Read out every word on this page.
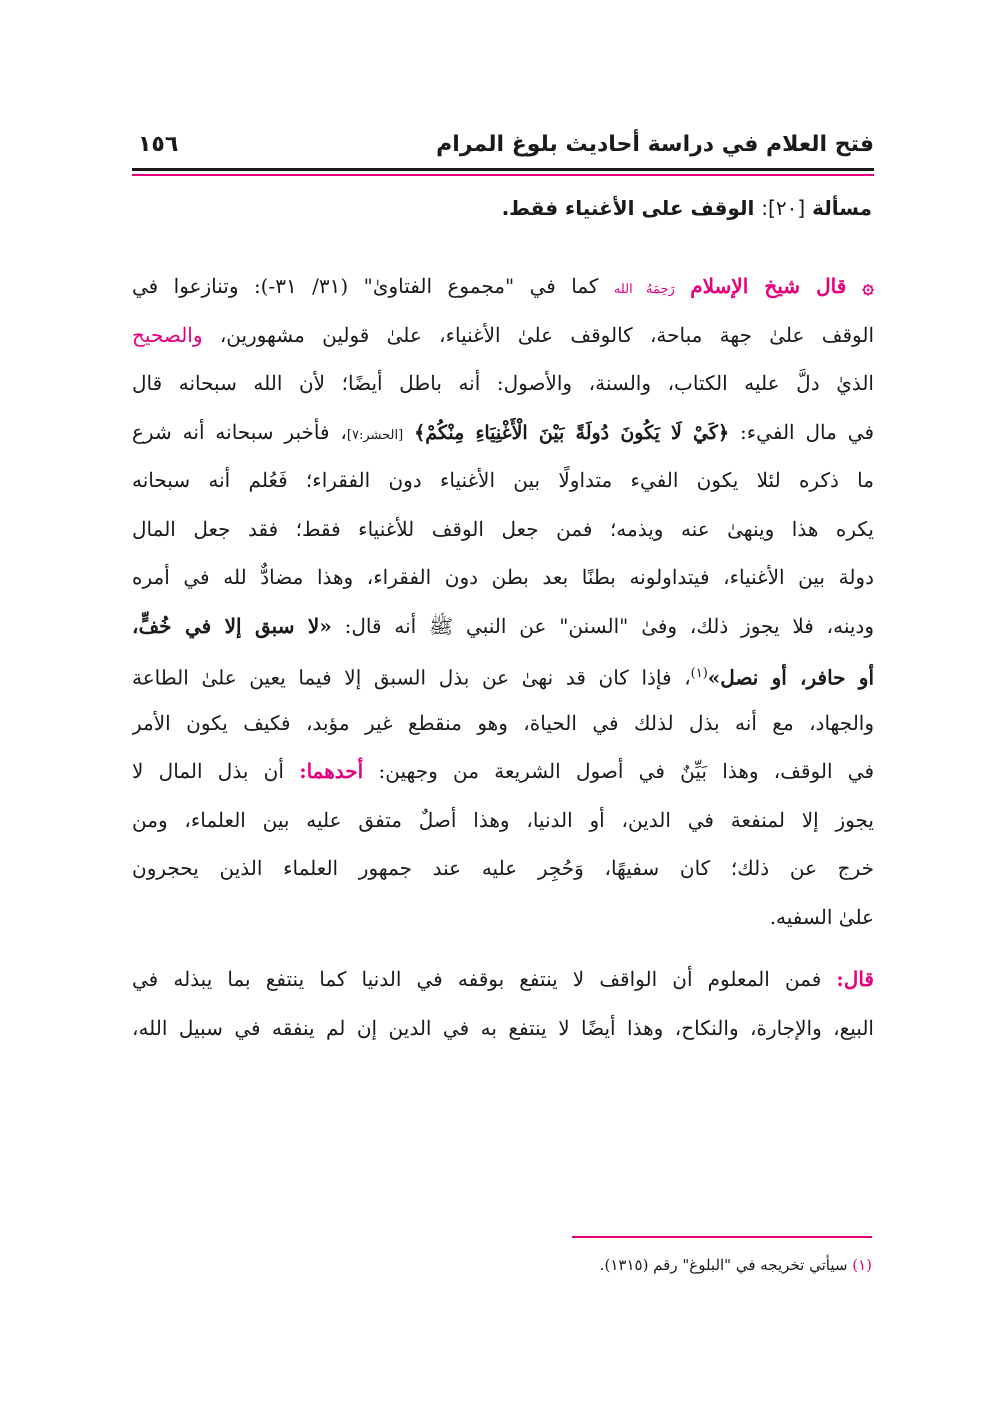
فتح العلام في دراسة أحاديث بلوغ المرام
١٥٦
مسألة [٢٠]: الوقف على الأغنياء فقط.
۞ قال شيخ الإسلام رَحِمَهُ الله كما في "مجموع الفتاوىٰ" (٣١/ ٣١-): وتنازعوا في
الوقف علىٰ جهة مباحة، كالوقف علىٰ الأغنياء، علىٰ قولين مشهورين، والصحيح
الذيٰ دلَّ عليه الكتاب، والسنة، والأصول: أنه باطل أيضًا؛ لأن الله سبحانه قال
في مال الفيء: ﴿كَيْ لَا يَكُونَ دُولَةً بَيْنَ الْأَغْنِيَاءِ مِنْكُمْ﴾ [الحشر:٧]، فأخبر سبحانه أنه شرع
ما ذكره لئلا يكون الفيء متداولًا بين الأغنياء دون الفقراء؛ فَعُلم أنه سبحانه
يكره هذا وينهىٰ عنه ويذمه؛ فمن جعل الوقف للأغنياء فقط؛ فقد جعل المال
دولة بين الأغنياء، فيتداولونه بطنًا بعد بطن دون الفقراء، وهذا مضادٌّ لله في أمره
ودينه، فلا يجوز ذلك، وفىٰ "السنن" عن النبي ﷺ أنه قال: «لا سبق إلا في خُفٍّ،
أو حافر، أو نصل»$^{(١)}$، فإذا كان قد نهىٰ عن بذل السبق إلا فيما يعين علىٰ الطاعة
والجهاد، مع أنه بذل لذلك في الحياة، وهو منقطع غير مؤبد، فكيف يكون الأمر
في الوقف، وهذا بَيِّنٌ في أصول الشريعة من وجهين: أحدهما: أن بذل المال لا
يجوز إلا لمنفعة في الدين، أو الدنيا، وهذا أصلٌ متفق عليه بين العلماء، ومن
خرج عن ذلك؛ كان سفيهًا، وَحُجِر عليه عند جمهور العلماء الذين يحجرون
علىٰ السفيه.
قال: فمن المعلوم أن الواقف لا ينتفع بوقفه في الدنيا كما ينتفع بما يبذله في
البيع، والإجارة، والنكاح، وهذا أيضًا لا ينتفع به في الدين إن لم ينفقه في سبيل الله،
(١) سيأتي تخريجه في "البلوغ" رقم (١٣١٥).
